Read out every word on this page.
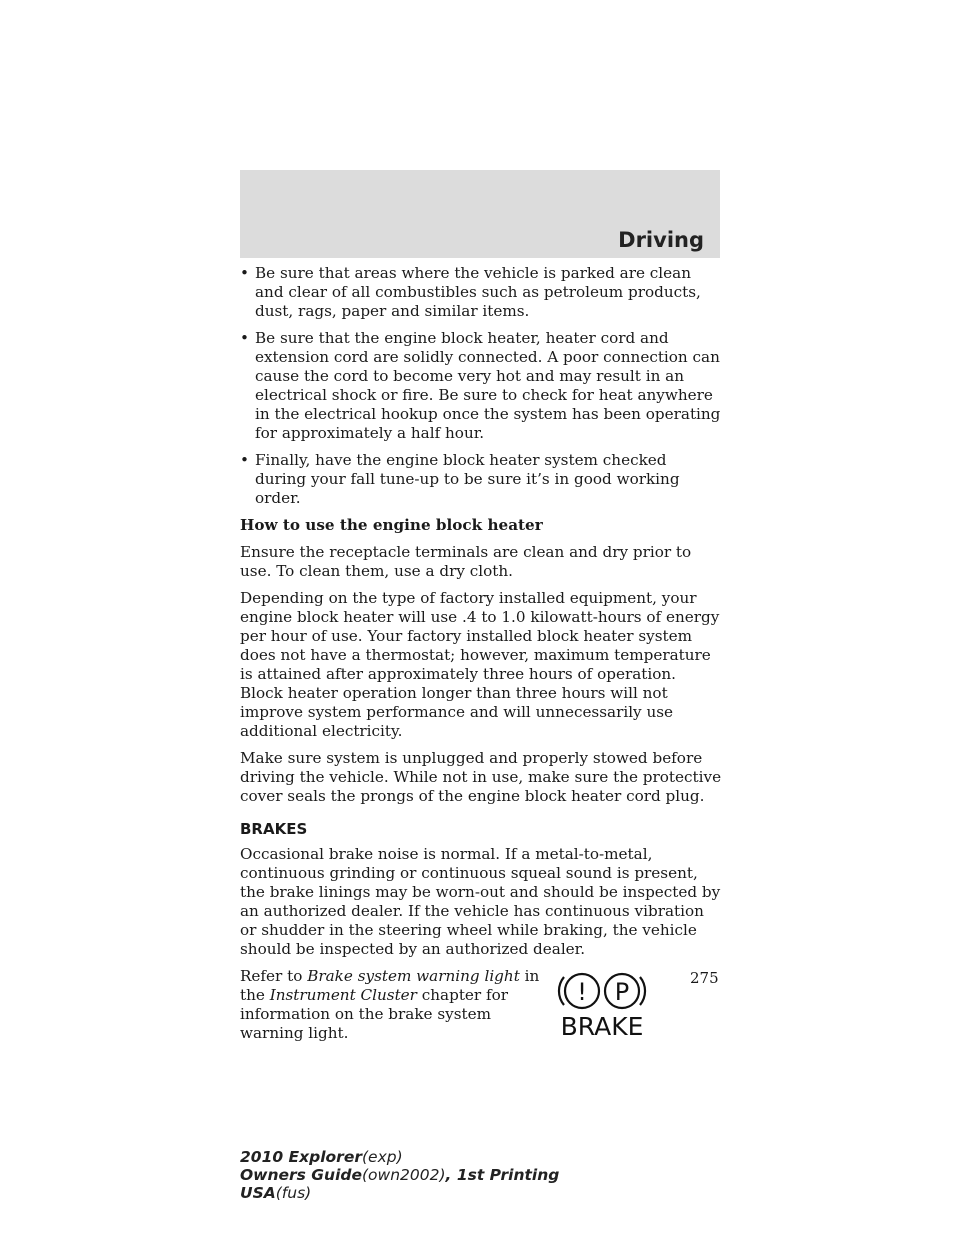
Driving
• Be sure that areas where the vehicle is parked are clean and clear of all combustibles such as petroleum products, dust, rags, paper and similar items.
• Be sure that the engine block heater, heater cord and extension cord are solidly connected. A poor connection can cause the cord to become very hot and may result in an electrical shock or fire. Be sure to check for heat anywhere in the electrical hookup once the system has been operating for approximately a half hour.
• Finally, have the engine block heater system checked during your fall tune-up to be sure it’s in good working order.
How to use the engine block heater

Ensure the receptacle terminals are clean and dry prior to use. To clean them, use a dry cloth.

Depending on the type of factory installed equipment, your engine block heater will use .4 to 1.0 kilowatt-hours of energy per hour of use. Your factory installed block heater system does not have a thermostat; however, maximum temperature is attained after approximately three hours of operation. Block heater operation longer than three hours will not improve system performance and will unnecessarily use additional electricity.

Make sure system is unplugged and properly stowed before driving the vehicle. While not in use, make sure the protective cover seals the prongs of the engine block heater cord plug.

BRAKES

Occasional brake noise is normal. If a metal-to-metal, continuous grinding or continuous squeal sound is present, the brake linings may be worn-out and should be inspected by an authorized dealer. If the vehicle has continuous vibration or shudder in the steering wheel while braking, the vehicle should be inspected by an authorized dealer.

Refer to Brake system warning light in the Instrument Cluster chapter for information on the brake system warning light.
! P
BRAKE
275
2010 Explorer(exp)
Owners Guide(own2002), 1st Printing
USA(fus)
